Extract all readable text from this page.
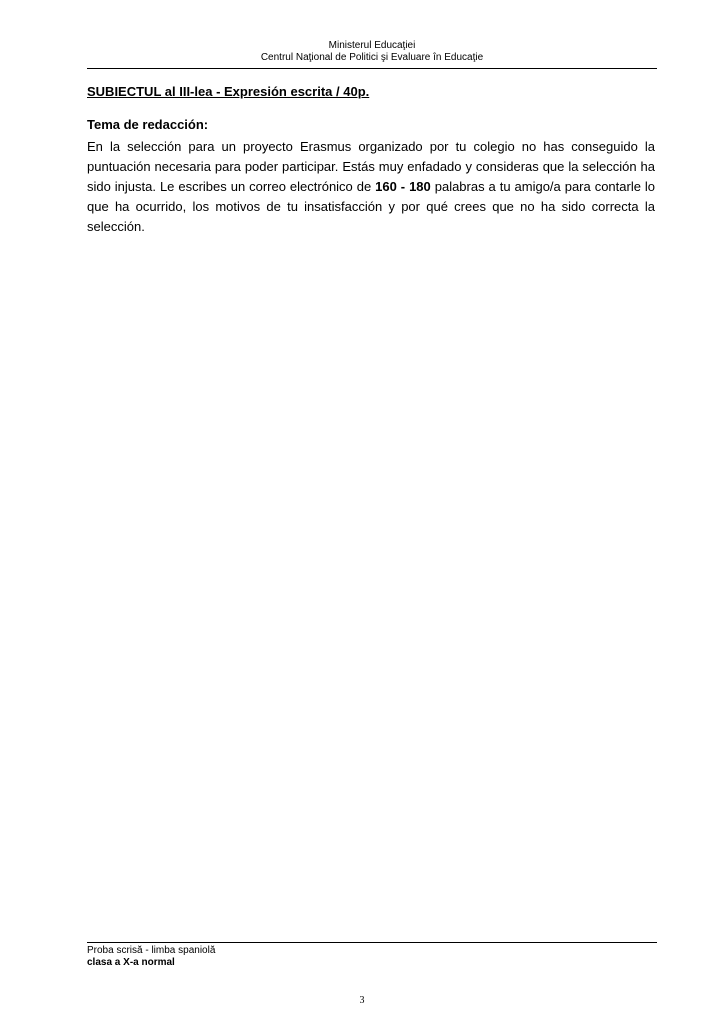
Ministerul Educaţiei
Centrul Naţional de Politici şi Evaluare în Educaţie
SUBIECTUL al III-lea - Expresión escrita / 40p.
Tema de redacción:
En la selección para un proyecto Erasmus organizado por tu colegio no has conseguido la puntuación necesaria para poder participar. Estás muy enfadado y consideras que la selección ha sido injusta. Le escribes un correo electrónico de 160 - 180 palabras a tu amigo/a para contarle lo que ha ocurrido, los motivos de tu insatisfacción y por qué crees que no ha sido correcta la selección.
Proba scrisă - limba spaniolă
clasa a X-a normal
3
